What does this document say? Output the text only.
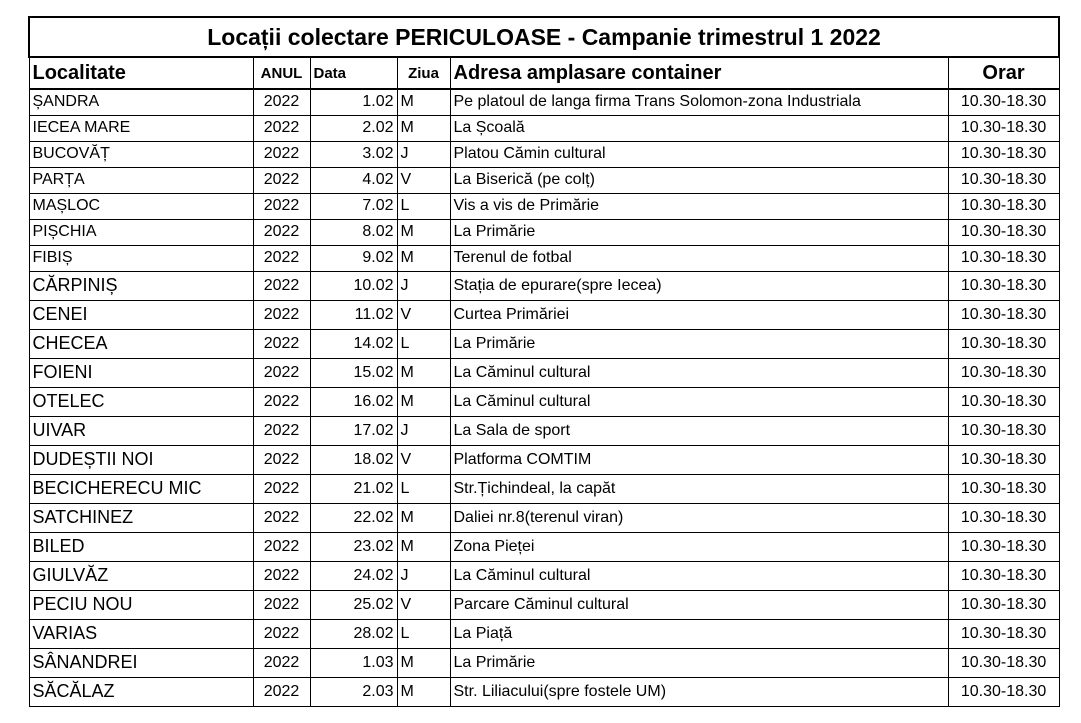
Locații colectare PERICULOASE - Campanie trimestrul 1 2022					
Localitate	ANUL	Data	Ziua	Adresa amplasare container	Orar
ȘANDRA	2022	1.02	M	Pe platoul de langa firma Trans Solomon-zona Industriala	10.30-18.30
IECEA MARE	2022	2.02	M	La Școală	10.30-18.30
BUCOVĂȚ	2022	3.02	J	Platou Cămin cultural	10.30-18.30
PARȚA	2022	4.02	V	La Biserică (pe colț)	10.30-18.30
MAȘLOC	2022	7.02	L	Vis a vis de Primărie	10.30-18.30
PIȘCHIA	2022	8.02	M	La Primărie	10.30-18.30
FIBIȘ	2022	9.02	M	Terenul de fotbal	10.30-18.30
CĂRPINIȘ	2022	10.02	J	Stația de epurare(spre Iecea)	10.30-18.30
CENEI	2022	11.02	V	Curtea Primăriei	10.30-18.30
CHECEA	2022	14.02	L	La Primărie	10.30-18.30
FOIENI	2022	15.02	M	La Căminul cultural	10.30-18.30
OTELEC	2022	16.02	M	La Căminul cultural	10.30-18.30
UIVAR	2022	17.02	J	La Sala de sport	10.30-18.30
DUDEȘTII NOI	2022	18.02	V	Platforma COMTIM	10.30-18.30
BECICHERECU MIC	2022	21.02	L	Str.Țichindeal, la capăt	10.30-18.30
SATCHINEZ	2022	22.02	M	Daliei nr.8(terenul viran)	10.30-18.30
BILED	2022	23.02	M	Zona Pieței	10.30-18.30
GIULVĂZ	2022	24.02	J	La Căminul cultural	10.30-18.30
PECIU NOU	2022	25.02	V	Parcare Căminul cultural	10.30-18.30
VARIAS	2022	28.02	L	La Piață	10.30-18.30
SÂNANDREI	2022	1.03	M	La Primărie	10.30-18.30
SĂCĂLAZ	2022	2.03	M	Str. Liliacului(spre fostele UM)	10.30-18.30
